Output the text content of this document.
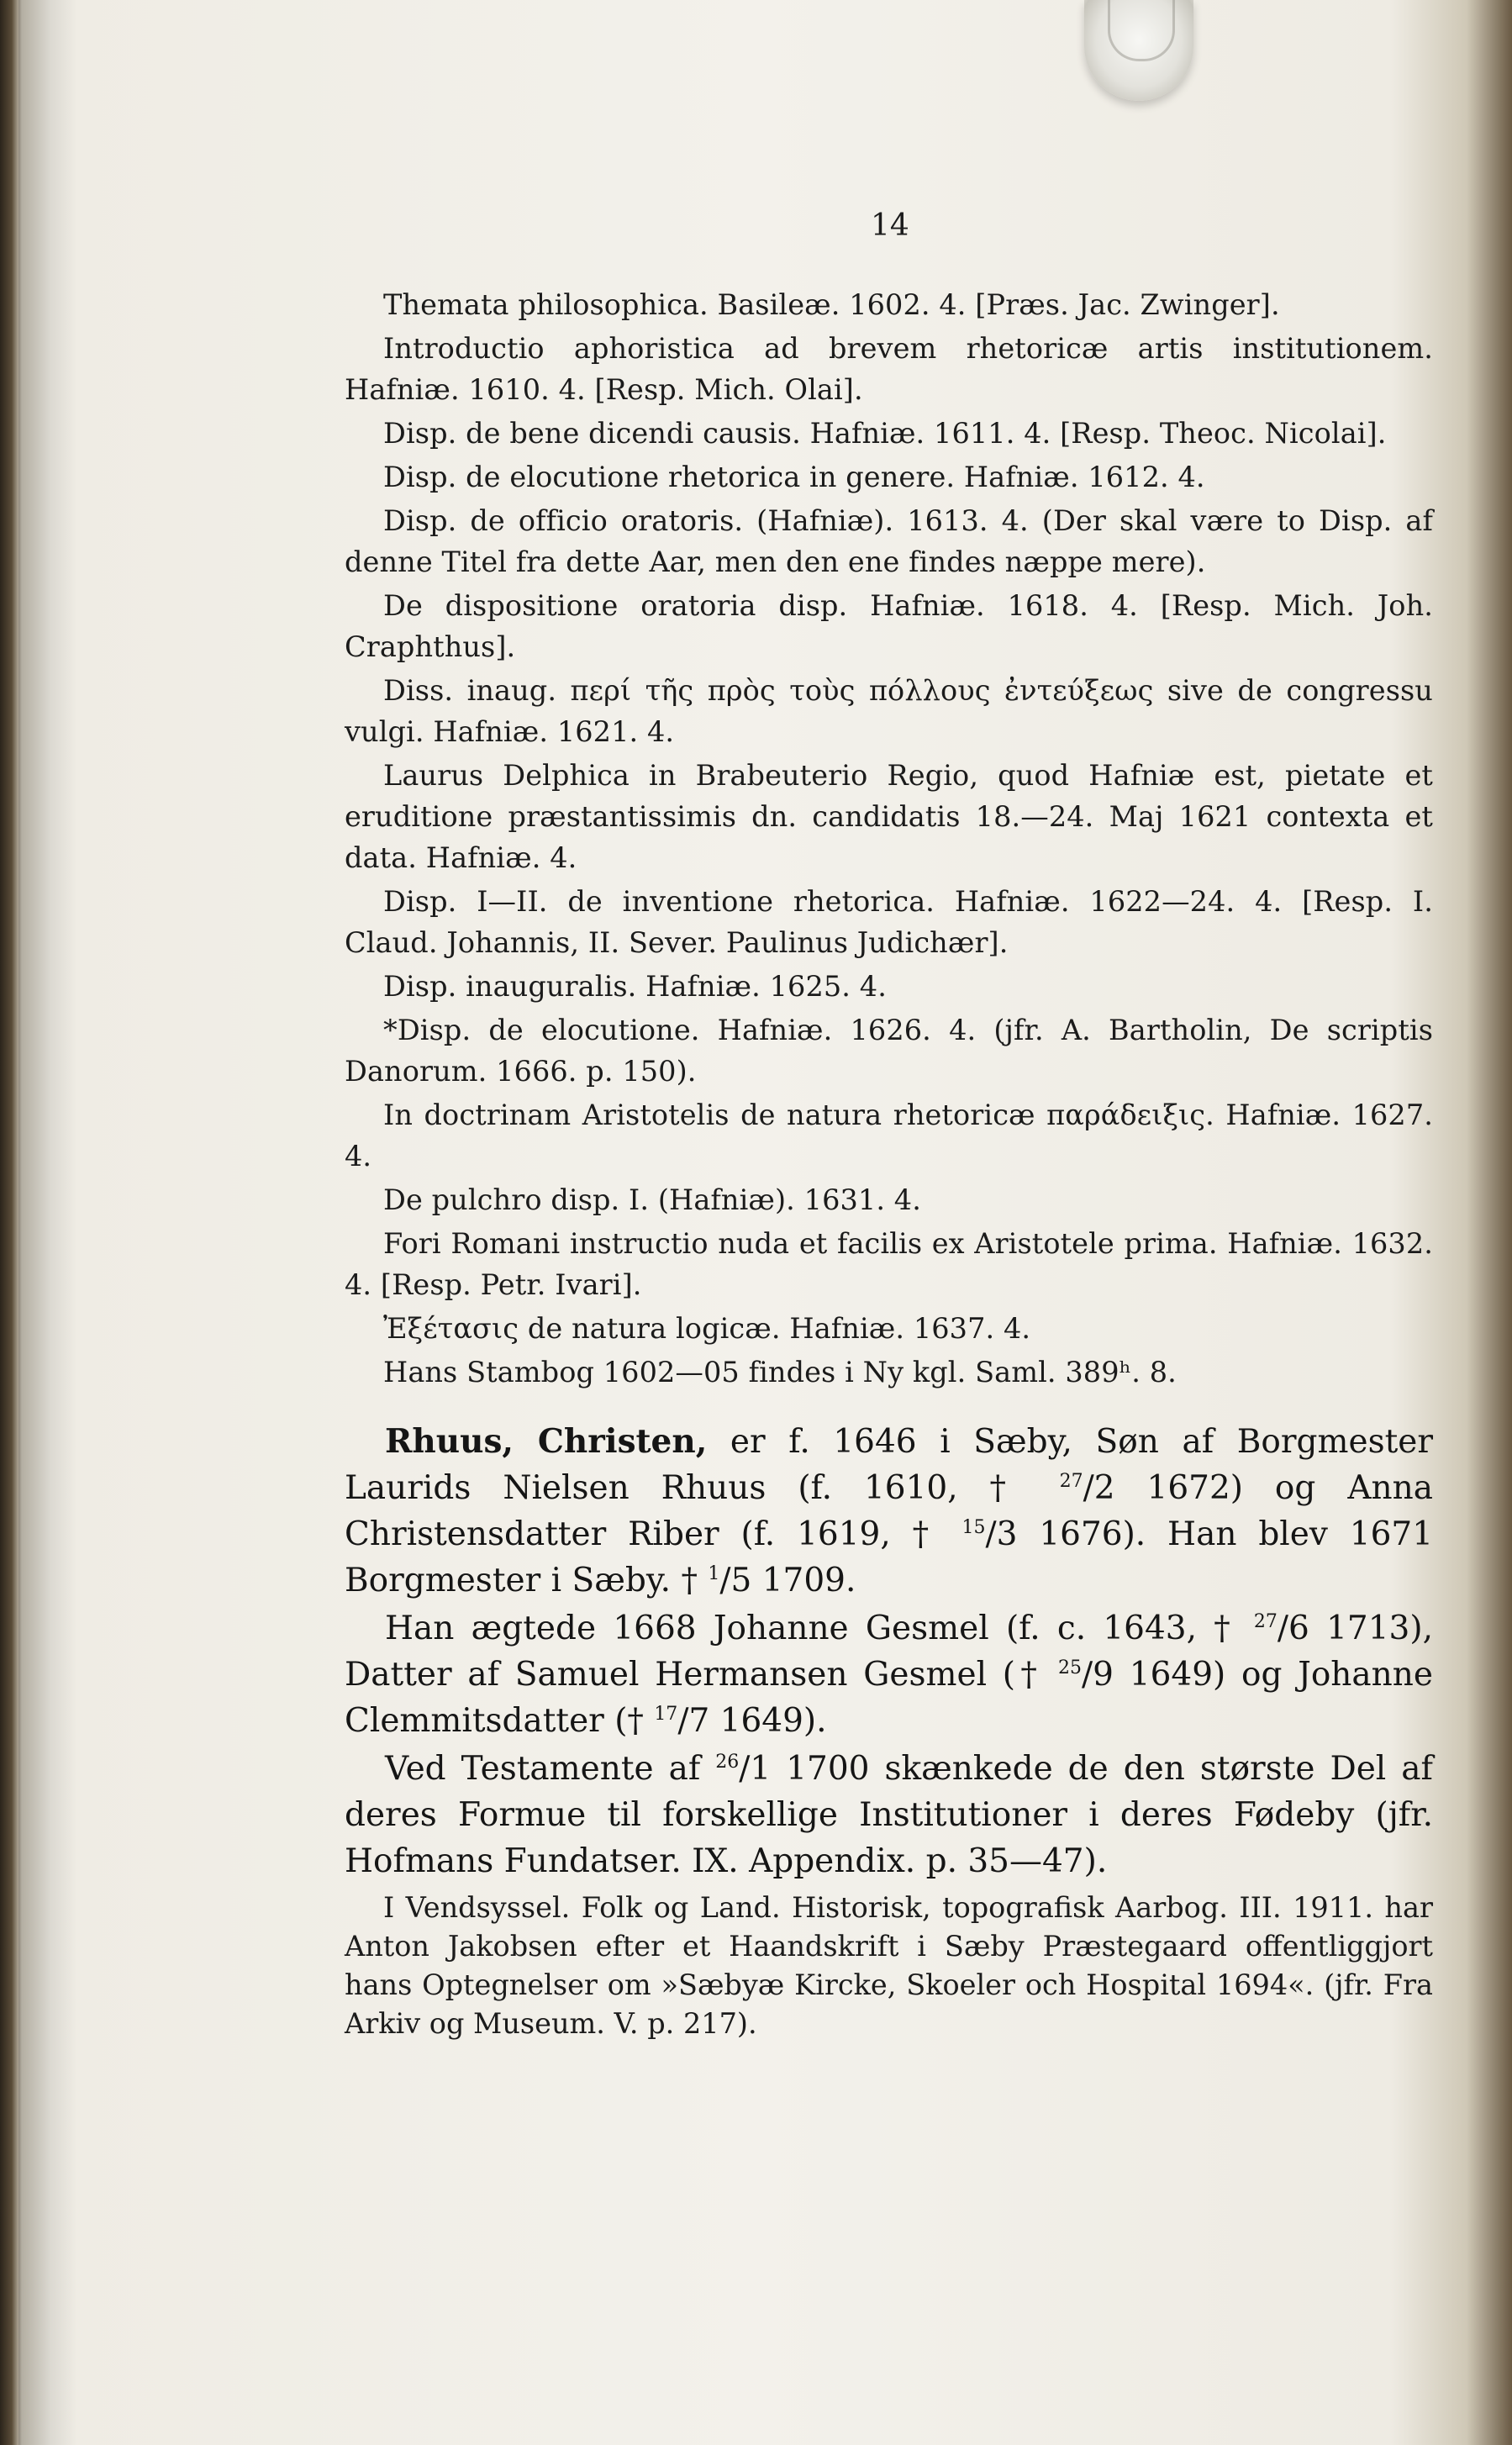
14

Themata philosophica. Basileæ. 1602. 4. [Præs. Jac. Zwinger].

Introductio aphoristica ad brevem rhetoricæ artis institutionem. Hafniæ. 1610. 4. [Resp. Mich. Olai].

Disp. de bene dicendi causis. Hafniæ. 1611. 4. [Resp. Theoc. Nicolai].

Disp. de elocutione rhetorica in genere. Hafniæ. 1612. 4.

Disp. de officio oratoris. (Hafniæ). 1613. 4. (Der skal være to Disp. af denne Titel fra dette Aar, men den ene findes næppe mere).

De dispositione oratoria disp. Hafniæ. 1618. 4. [Resp. Mich. Joh. Craphthus].

Diss. inaug. περί τῆς πρὸς τοὺς πόλλους ἐντεύξεως sive de congressu vulgi. Hafniæ. 1621. 4.

Laurus Delphica in Brabeuterio Regio, quod Hafniæ est, pietate et eruditione præstantissimis dn. candidatis 18.—24. Maj 1621 contexta et data. Hafniæ. 4.

Disp. I—II. de inventione rhetorica. Hafniæ. 1622—24. 4. [Resp. I. Claud. Johannis, II. Sever. Paulinus Judichær].

Disp. inauguralis. Hafniæ. 1625. 4.

*Disp. de elocutione. Hafniæ. 1626. 4. (jfr. A. Bartholin, De scriptis Danorum. 1666. p. 150).

In doctrinam Aristotelis de natura rhetoricæ παράδειξις. Hafniæ. 1627. 4.

De pulchro disp. I. (Hafniæ). 1631. 4.

Fori Romani instructio nuda et facilis ex Aristotele prima. Hafniæ. 1632. 4. [Resp. Petr. Ivari].

Ἐξέτασις de natura logicæ. Hafniæ. 1637. 4.

Hans Stambog 1602—05 findes i Ny kgl. Saml. 389ʰ. 8.

Rhuus, Christen, er f. 1646 i Sæby, Søn af Borgmester Laurids Nielsen Rhuus (f. 1610, † $^{27}$/2 1672) og Anna Christensdatter Riber (f. 1619, † $^{15}$/3 1676). Han blev 1671 Borgmester i Sæby. † $^1$/5 1709.

Han ægtede 1668 Johanne Gesmel (f. c. 1643, † $^{27}$/6 1713), Datter af Samuel Hermansen Gesmel († $^{25}$/9 1649) og Johanne Clemmitsdatter († $^{17}$/7 1649).

Ved Testamente af $^{26}$/1 1700 skænkede de den største Del af deres Formue til forskellige Institutioner i deres Fødeby (jfr. Hofmans Fundatser. IX. Appendix. p. 35—47).

I Vendsyssel. Folk og Land. Historisk, topografisk Aarbog. III. 1911. har Anton Jakobsen efter et Haandskrift i Sæby Præstegaard offentliggjort hans Optegnelser om »Sæbyæ Kircke, Skoeler och Hospital 1694«. (jfr. Fra Arkiv og Museum. V. p. 217).
